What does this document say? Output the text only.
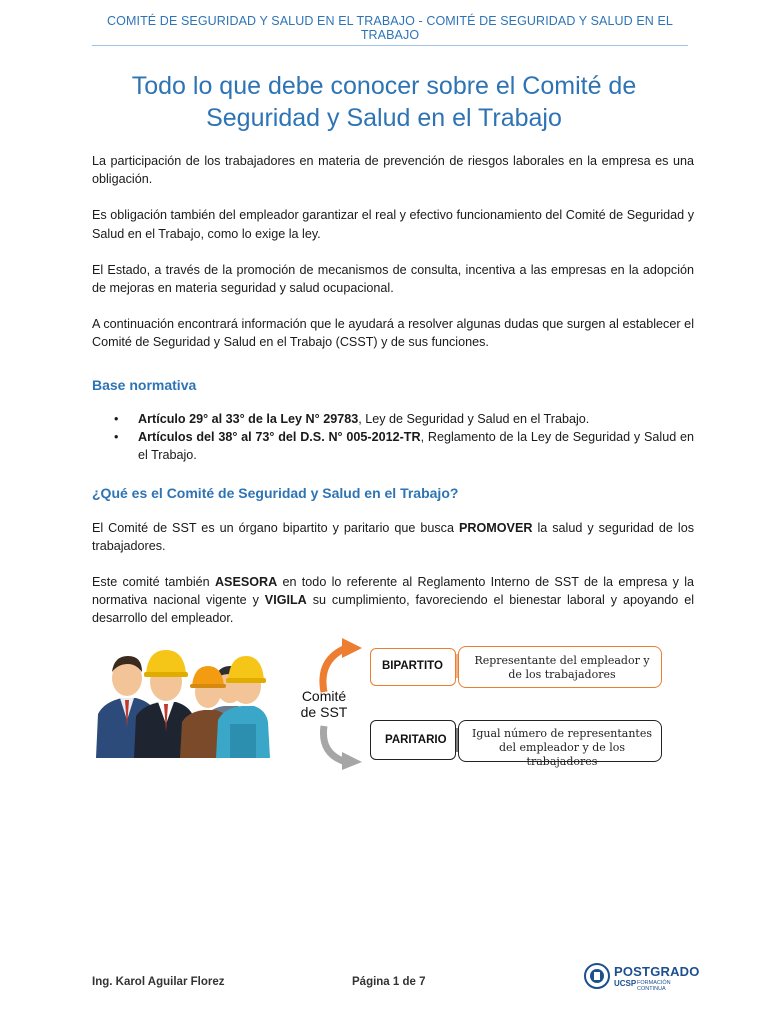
COMITÉ DE SEGURIDAD Y SALUD EN EL TRABAJO - COMITÉ DE SEGURIDAD Y SALUD EN EL TRABAJO
Todo lo que debe conocer sobre el Comité de
Seguridad y Salud en el Trabajo

La participación de los trabajadores en materia de prevención de riesgos laborales en la empresa es una obligación.

Es obligación también del empleador garantizar el real y efectivo funcionamiento del Comité de Seguridad y Salud en el Trabajo, como lo exige la ley.

El Estado, a través de la promoción de mecanismos de consulta, incentiva a las empresas en la adopción de mejoras en materia seguridad y salud ocupacional.

A continuación encontrará información que le ayudará a resolver algunas dudas que surgen al establecer el Comité de Seguridad y Salud en el Trabajo (CSST) y de sus funciones.

Base normativa
• Artículo 29° al 33° de la Ley N° 29783, Ley de Seguridad y Salud en el Trabajo.
• Artículos del 38° al 73° del D.S. N° 005-2012-TR, Reglamento de la Ley de Seguridad y Salud en el Trabajo.
¿Qué es el Comité de Seguridad y Salud en el Trabajo?

El Comité de SST es un órgano bipartito y paritario que busca PROMOVER la salud y seguridad de los trabajadores.

Este comité también ASESORA en todo lo referente al Reglamento Interno de SST de la empresa y la normativa nacional vigente y VIGILA su cumplimiento, favoreciendo el bienestar laboral y apoyando el desarrollo del empleador.

Comité
de SST
BIPARTITO	Representante del empleador y de los trabajadores
PARITARIO	Igual número de representantes del empleador y de los trabajadores
Ing. Karol Aguilar Florez	Página 1 de 7
POSTGRADO
UCSP FORMACIÓN CONTINUA
